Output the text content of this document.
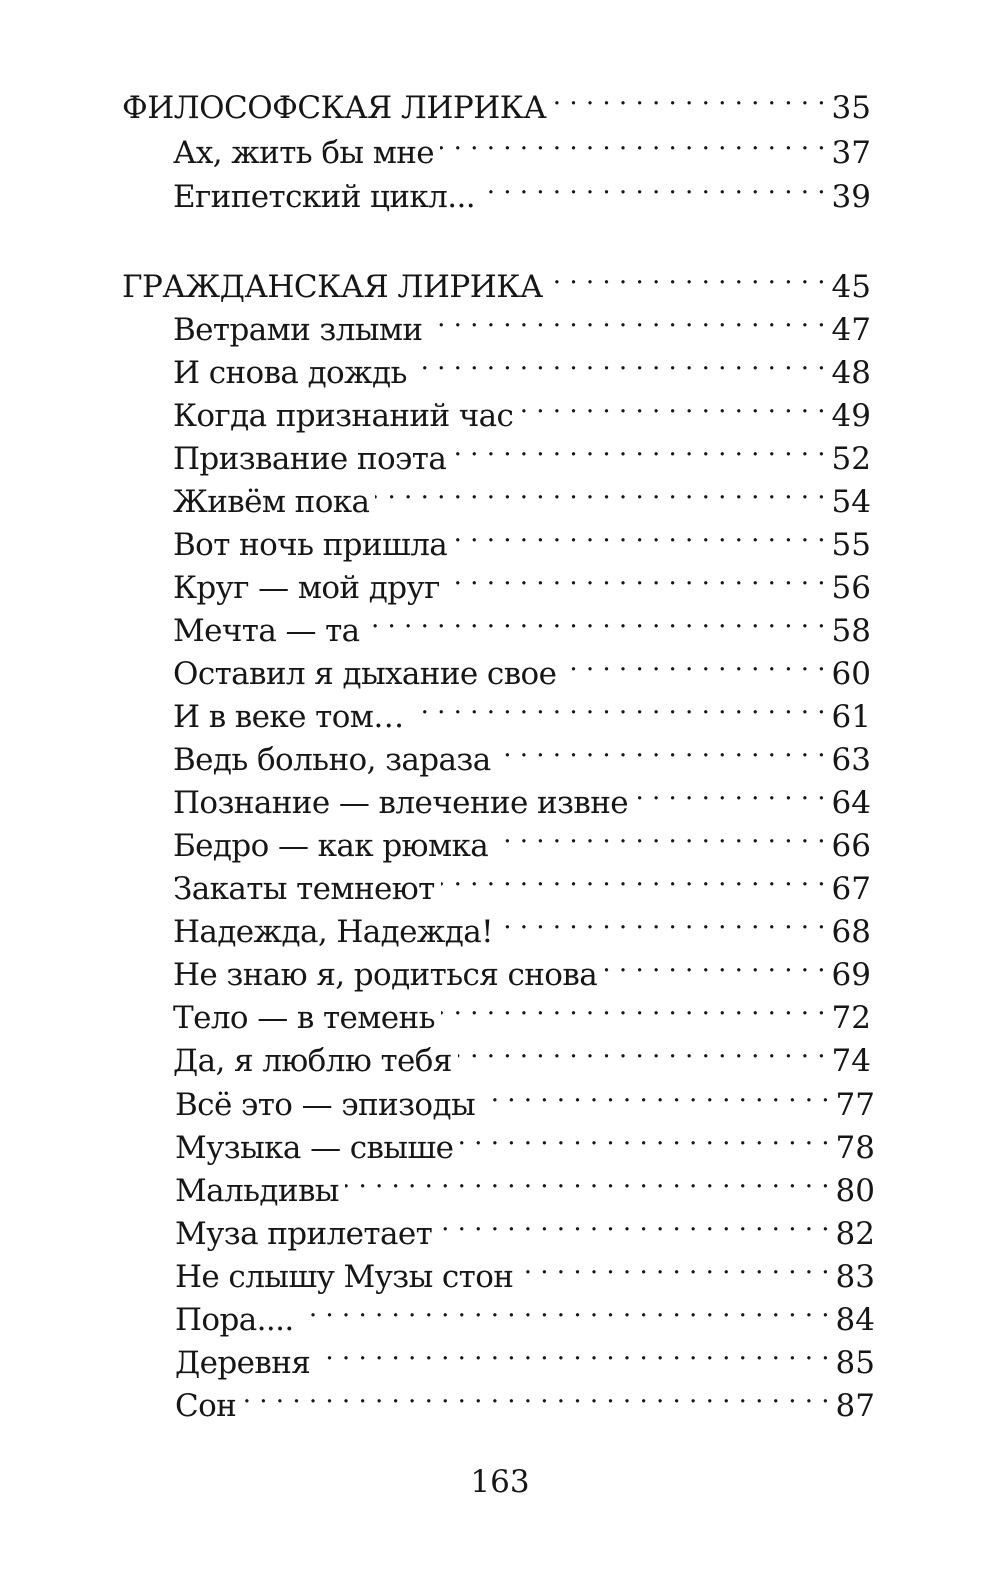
ФИЛОСОФСКАЯ ЛИРИКА . . .	35
Ах, жить бы мне . . .	37
Египетский цикл... . . .	39
ГРАЖДАНСКАЯ ЛИРИКА . . .	45
Ветрами злыми . . .	47
И снова дождь . . .	48
Когда признаний час . . .	49
Призвание поэта . . .	52
Живём пока . . .	54
Вот ночь пришла . . .	55
Круг — мой друг . . .	56
Мечта — та . . .	58
Оставил я дыхание свое . . .	60
И в веке том… . . .	61
Ведь больно, зараза . . .	63
Познание — влечение извне . . .	64
Бедро — как рюмка . . .	66
Закаты темнеют . . .	67
Надежда, Надежда! . . .	68
Не знаю я, родиться снова . . .	69
Тело — в темень . . .	72
Да, я люблю тебя . . .	74
Всё это — эпизоды . . .	77
Музыка — свыше . . .	78
Мальдивы . . .	80
Муза прилетает . . .	82
Не слышу Музы стон . . .	83
Пора.... . . .	84
Деревня . . .	85
Сон . . .	87
163
